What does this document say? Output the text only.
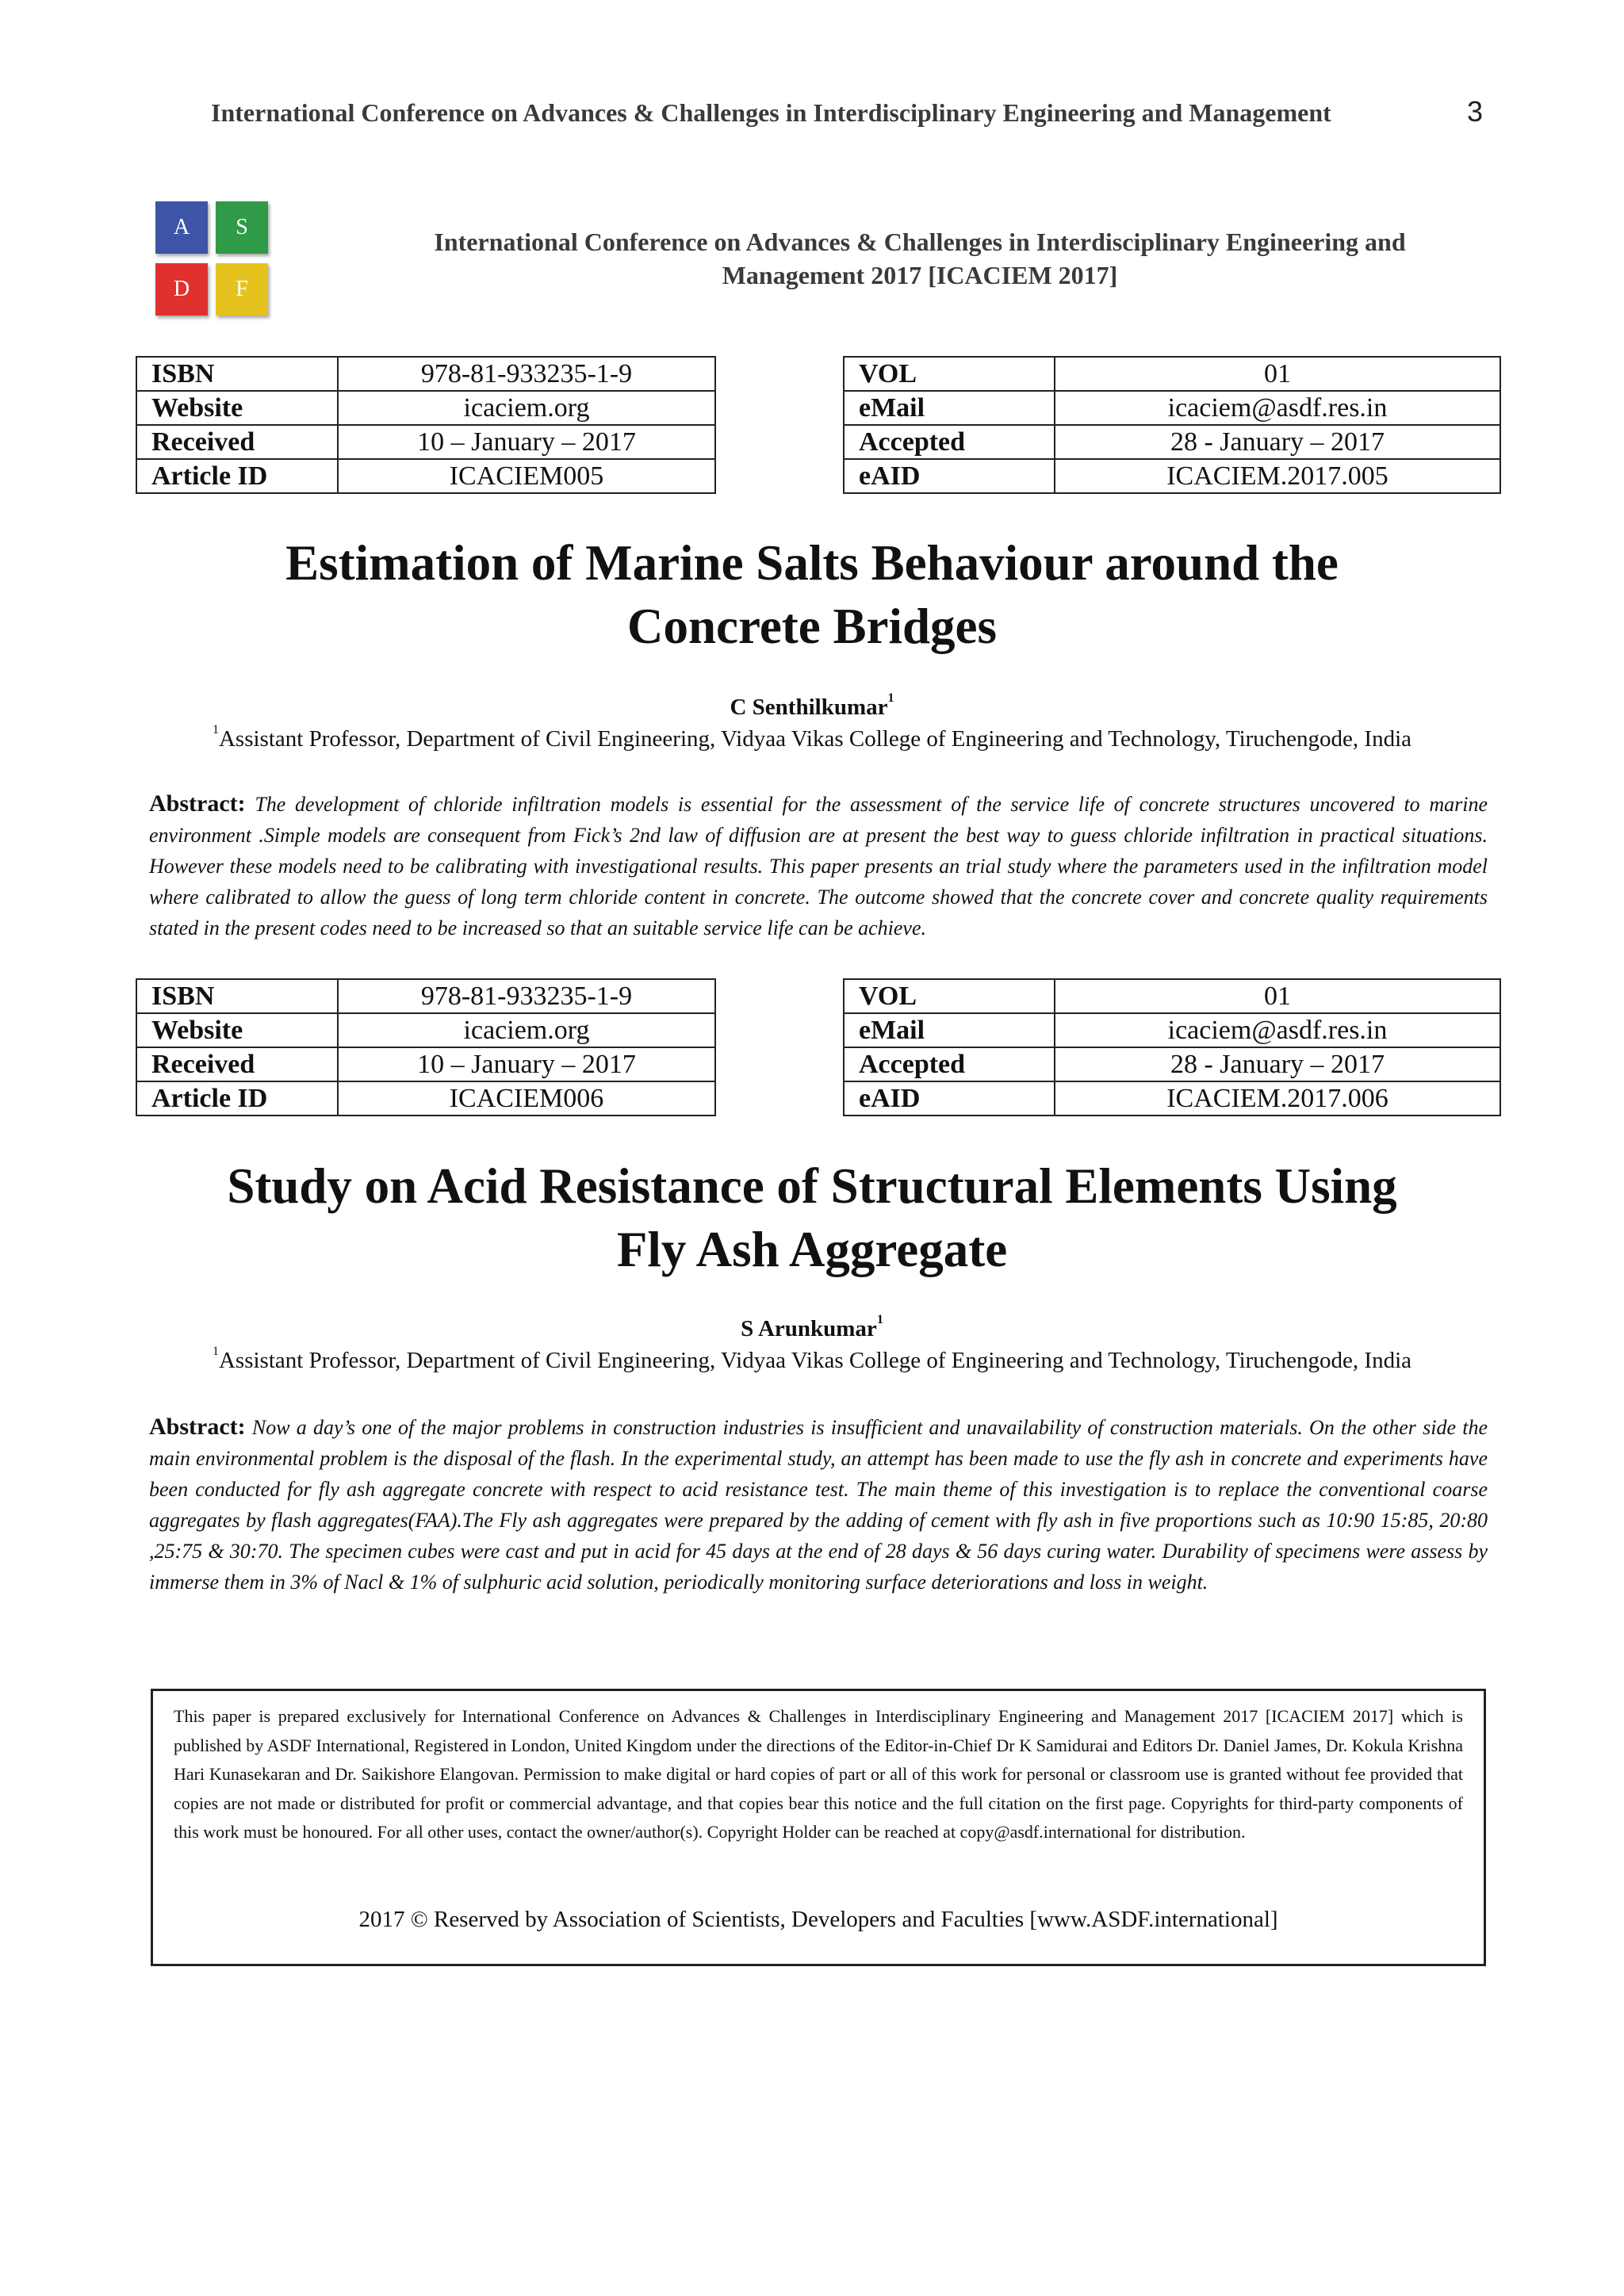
International Conference on Advances & Challenges in Interdisciplinary Engineering and Management	3
A	S
D	F
International Conference on Advances & Challenges in Interdisciplinary Engineering and
Management 2017 [ICACIEM 2017]
ISBN	978-81-933235-1-9
Website	icaciem.org
Received	10 – January – 2017
Article ID	ICACIEM005
VOL	01
eMail	icaciem@asdf.res.in
Accepted	28 - January – 2017
eAID	ICACIEM.2017.005
Estimation of Marine Salts Behaviour around the
Concrete Bridges
C Senthilkumar$^1$
$^1$Assistant Professor, Department of Civil Engineering, Vidyaa Vikas College of Engineering and Technology, Tiruchengode, India
Abstract: The development of chloride infiltration models is essential for the assessment of the service life of concrete structures uncovered to marine environment .Simple models are consequent from Fick’s 2nd law of diffusion are at present the best way to guess chloride infiltration in practical situations. However these models need to be calibrating with investigational results. This paper presents an trial study where the parameters used in the infiltration model where calibrated to allow the guess of long term chloride content in concrete. The outcome showed that the concrete cover and concrete quality requirements stated in the present codes need to be increased so that an suitable service life can be achieve.
ISBN	978-81-933235-1-9
Website	icaciem.org
Received	10 – January – 2017
Article ID	ICACIEM006
VOL	01
eMail	icaciem@asdf.res.in
Accepted	28 - January – 2017
eAID	ICACIEM.2017.006
Study on Acid Resistance of Structural Elements Using
Fly Ash Aggregate
S Arunkumar$^1$
$^1$Assistant Professor, Department of Civil Engineering, Vidyaa Vikas College of Engineering and Technology, Tiruchengode, India
Abstract: Now a day’s one of the major problems in construction industries is insufficient and unavailability of construction materials. On the other side the main environmental problem is the disposal of the flash. In the experimental study, an attempt has been made to use the fly ash in concrete and experiments have been conducted for fly ash aggregate concrete with respect to acid resistance test. The main theme of this investigation is to replace the conventional coarse aggregates by flash aggregates(FAA).The Fly ash aggregates were prepared by the adding of cement with fly ash in five proportions such as 10:90 15:85, 20:80 ,25:75 & 30:70. The specimen cubes were cast and put in acid for 45 days at the end of 28 days & 56 days curing water. Durability of specimens were assess by immerse them in 3% of Nacl & 1% of sulphuric acid solution, periodically monitoring surface deteriorations and loss in weight.
This paper is prepared exclusively for International Conference on Advances & Challenges in Interdisciplinary Engineering and Management 2017 [ICACIEM 2017] which is published by ASDF International, Registered in London, United Kingdom under the directions of the Editor-in-Chief Dr K Samidurai and Editors Dr. Daniel James, Dr. Kokula Krishna Hari Kunasekaran and Dr. Saikishore Elangovan. Permission to make digital or hard copies of part or all of this work for personal or classroom use is granted without fee provided that copies are not made or distributed for profit or commercial advantage, and that copies bear this notice and the full citation on the first page. Copyrights for third-party components of this work must be honoured. For all other uses, contact the owner/author(s). Copyright Holder can be reached at copy@asdf.international for distribution.
2017 © Reserved by Association of Scientists, Developers and Faculties [www.ASDF.international]
